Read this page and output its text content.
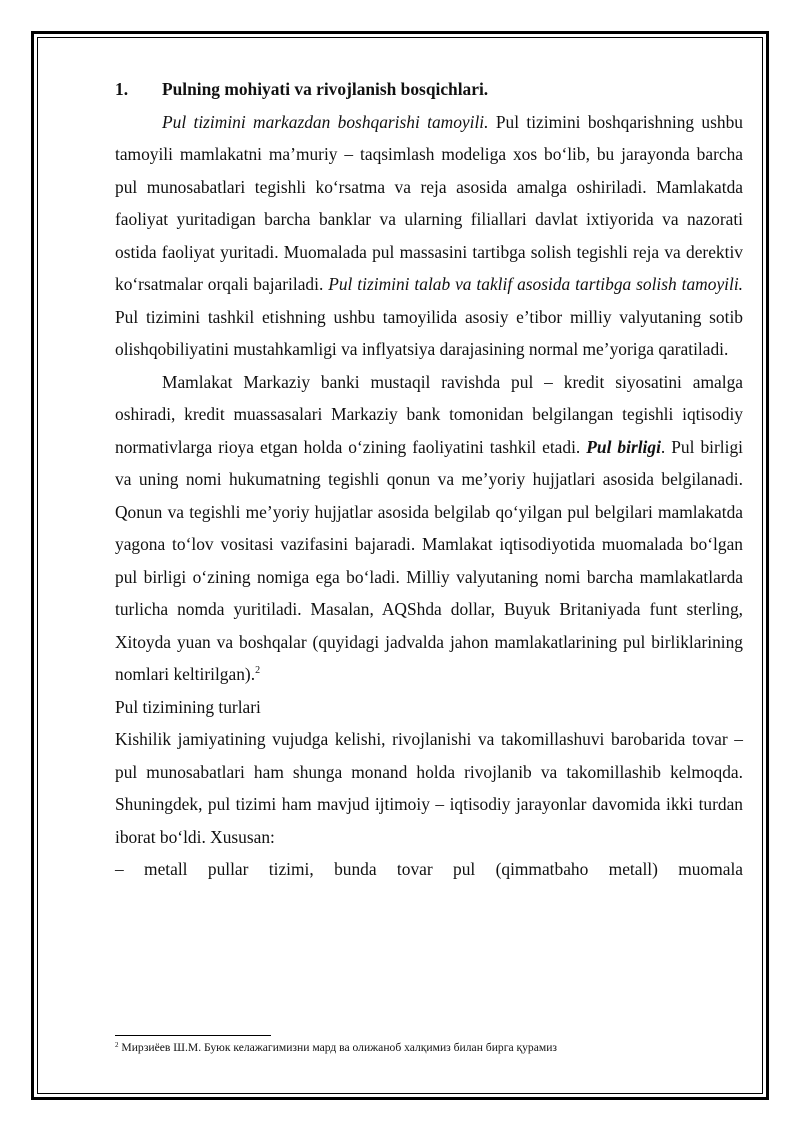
1.	Pulning mohiyati va rivojlanish bosqichlari.

Pul tizimini markazdan boshqarishi tamoyili. Pul tizimini boshqarishning ushbu tamoyili mamlakatni ma’muriy – taqsimlash modeliga xos bo‘lib, bu jarayonda barcha pul munosabatlari tegishli ko‘rsatma va reja asosida amalga oshiriladi. Mamlakatda faoliyat yuritadigan barcha banklar va ularning filiallari davlat ixtiyorida va nazorati ostida faoliyat yuritadi. Muomalada pul massasini tartibga solish tegishli reja va derektiv ko‘rsatmalar orqali bajariladi. Pul tizimini talab va taklif asosida tartibga solish tamoyili. Pul tizimini tashkil etishning ushbu tamoyilida asosiy e’tibor milliy valyutaning sotib olishqobiliyatini mustahkamligi va inflyatsiya darajasining normal me’yoriga qaratiladi.

Mamlakat Markaziy banki mustaqil ravishda pul – kredit siyosatini amalga oshiradi, kredit muassasalari Markaziy bank tomonidan belgilangan tegishli iqtisodiy normativlarga rioya etgan holda o‘zining faoliyatini tashkil etadi. Pul birligi. Pul birligi va uning nomi hukumatning tegishli qonun va me’yoriy hujjatlari asosida belgilanadi. Qonun va tegishli me’yoriy hujjatlar asosida belgilab qo‘yilgan pul belgilari mamlakatda yagona to‘lov vositasi vazifasini bajaradi. Mamlakat iqtisodiyotida muomalada bo‘lgan pul birligi o‘zining nomiga ega bo‘ladi. Milliy valyutaning nomi barcha mamlakatlarda turlicha nomda yuritiladi. Masalan, AQShda dollar, Buyuk Britaniyada funt sterling, Xitoyda yuan va boshqalar (quyidagi jadvalda jahon mamlakatlarining pul birliklarining nomlari keltirilgan).$^2$

Pul tizimining turlari

Kishilik jamiyatining vujudga kelishi, rivojlanishi va takomillashuvi barobarida tovar – pul munosabatlari ham shunga monand holda rivojlanib va takomillashib kelmoqda. Shuningdek, pul tizimi ham mavjud ijtimoiy – iqtisodiy jarayonlar davomida ikki turdan iborat bo‘ldi. Xususan:

– metall pullar tizimi, bunda tovar pul (qimmatbaho metall) muomala

$^2$ Мирзиёев Ш.М. Буюк келажагимизни мард ва олижаноб халқимиз билан бирга қурамиз
